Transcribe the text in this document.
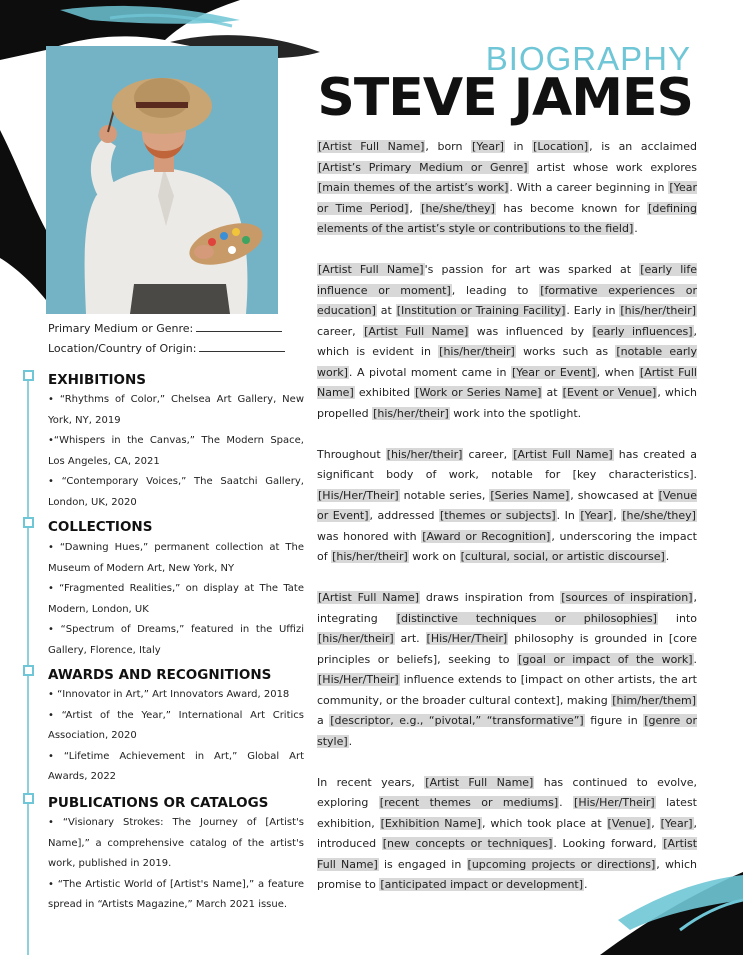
BIOGRAPHY
STEVE JAMES
Primary Medium or Genre:
Location/Country of Origin:
EXHIBITIONS
• “Rhythms of Color,” Chelsea Art Gallery, New York, NY, 2019
•“Whispers in the Canvas,” The Modern Space, Los Angeles, CA, 2021
• “Contemporary Voices,” The Saatchi Gallery, London, UK, 2020
COLLECTIONS
• “Dawning Hues,” permanent collection at The Museum of Modern Art, New York, NY
• “Fragmented Realities,” on display at The Tate Modern, London, UK
• “Spectrum of Dreams,” featured in the Uffizi Gallery, Florence, Italy
AWARDS AND RECOGNITIONS
• “Innovator in Art,” Art Innovators Award, 2018
• “Artist of the Year,” International Art Critics Association, 2020
• “Lifetime Achievement in Art,” Global Art Awards, 2022
PUBLICATIONS OR CATALOGS
• “Visionary Strokes: The Journey of [Artist's Name],” a comprehensive catalog of the artist's work, published in 2019.
• “The Artistic World of [Artist's Name],” a feature spread in “Artists Magazine,” March 2021 issue.

[Artist Full Name], born [Year] in [Location], is an acclaimed [Artist’s Primary Medium or Genre] artist whose work explores [main themes of the artist’s work]. With a career beginning in [Year or Time Period], [he/she/they] has become known for [defining elements of the artist’s style or contributions to the field].

[Artist Full Name]'s passion for art was sparked at [early life influence or moment], leading to [formative experiences or education] at [Institution or Training Facility]. Early in [his/her/their] career, [Artist Full Name] was influenced by [early influences], which is evident in [his/her/their] works such as [notable early work]. A pivotal moment came in [Year or Event], when [Artist Full Name] exhibited [Work or Series Name] at [Event or Venue], which propelled [his/her/their] work into the spotlight.

Throughout [his/her/their] career, [Artist Full Name] has created a significant body of work, notable for [key characteristics]. [His/Her/Their] notable series, [Series Name], showcased at [Venue or Event], addressed [themes or subjects]. In [Year], [he/she/they] was honored with [Award or Recognition], underscoring the impact of [his/her/their] work on [cultural, social, or artistic discourse].

[Artist Full Name] draws inspiration from [sources of inspiration], integrating [distinctive techniques or philosophies] into [his/her/their] art. [His/Her/Their] philosophy is grounded in [core principles or beliefs], seeking to [goal or impact of the work]. [His/Her/Their] influence extends to [impact on other artists, the art community, or the broader cultural context], making [him/her/them] a [descriptor, e.g., “pivotal,” “transformative”] figure in [genre or style].

In recent years, [Artist Full Name] has continued to evolve, exploring [recent themes or mediums]. [His/Her/Their] latest exhibition, [Exhibition Name], which took place at [Venue], [Year], introduced [new concepts or techniques]. Looking forward, [Artist Full Name] is engaged in [upcoming projects or directions], which promise to [anticipated impact or development].
